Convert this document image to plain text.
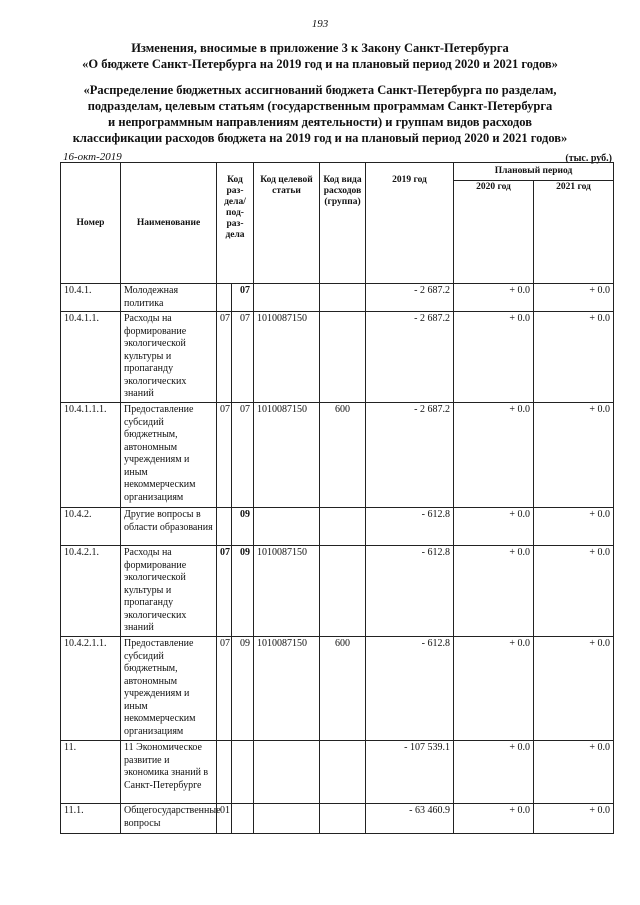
193
Изменения, вносимые в приложение 3 к Закону Санкт-Петербурга
«О бюджете Санкт-Петербурга на 2019 год и на плановый период 2020 и 2021 годов»
«Распределение бюджетных ассигнований бюджета Санкт-Петербурга по разделам,
подразделам, целевым статьям (государственным программам Санкт-Петербурга
и непрограммным направлениям деятельности) и группам видов расходов
классификации расходов бюджета на 2019 год и на плановый период 2020 и 2021 годов»
16-окт-2019	(тыс. руб.)
Номер	Наименование	Код раз- дела/ под- раз- дела		Код целевой статьи	Код вида расходов (группа)	2019 год	Плановый период	
							2020 год	2021 год
10.4.1.	Молодежная политика		07			- 2 687.2	+ 0.0	+ 0.0
10.4.1.1.	Расходы на формирование экологической культуры и пропаганду экологических знаний	07	07	1010087150		- 2 687.2	+ 0.0	+ 0.0
10.4.1.1.1.	Предоставление субсидий бюджетным, автономным учреждениям и иным некоммерческим организациям	07	07	1010087150	600	- 2 687.2	+ 0.0	+ 0.0
10.4.2.	Другие вопросы в области образования		09			- 612.8	+ 0.0	+ 0.0
10.4.2.1.	Расходы на формирование экологической культуры и пропаганду экологических знаний	07	09	1010087150		- 612.8	+ 0.0	+ 0.0
10.4.2.1.1.	Предоставление субсидий бюджетным, автономным учреждениям и иным некоммерческим организациям	07	09	1010087150	600	- 612.8	+ 0.0	+ 0.0
11.	11 Экономическое развитие и экономика знаний в Санкт-Петербурге					- 107 539.1	+ 0.0	+ 0.0
11.1.	Общегосударственные вопросы	01				- 63 460.9	+ 0.0	+ 0.0
